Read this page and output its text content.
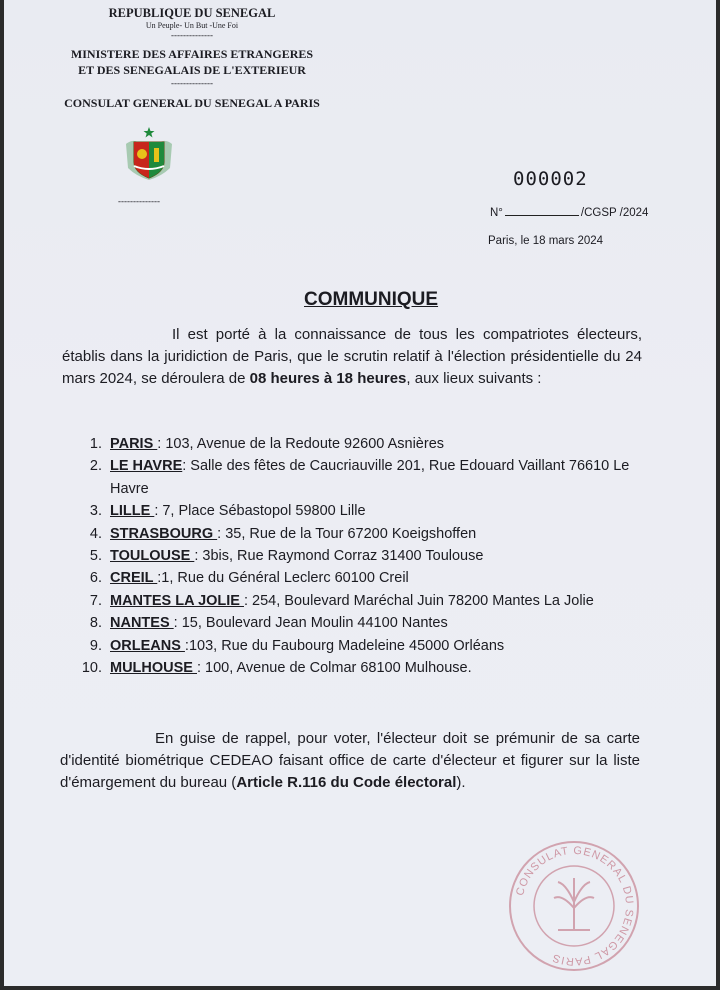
REPUBLIQUE DU SENEGAL
Un Peuple- Un But -Une Foi
--------------
MINISTERE DES AFFAIRES ETRANGERES
ET DES SENEGALAIS DE L'EXTERIEUR
--------------
CONSULAT GENERAL DU SENEGAL A PARIS
--------------
000002
N°	/CGSP /2024
Paris, le 18 mars 2024
COMMUNIQUE
Il est porté à la connaissance de tous les compatriotes électeurs, établis dans la juridiction de Paris, que le scrutin relatif à l'élection présidentielle du 24 mars 2024, se déroulera de 08 heures à 18 heures, aux lieux suivants :
1. PARIS : 103, Avenue de la Redoute 92600 Asnières
2. LE HAVRE: Salle des fêtes de Caucriauville 201, Rue Edouard Vaillant 76610 Le Havre
3. LILLE : 7, Place Sébastopol 59800 Lille
4. STRASBOURG : 35, Rue de la Tour 67200 Koeigshoffen
5. TOULOUSE : 3bis, Rue Raymond Corraz 31400 Toulouse
6. CREIL :1, Rue du Général Leclerc 60100 Creil
7. MANTES LA JOLIE : 254, Boulevard Maréchal Juin 78200 Mantes La Jolie
8. NANTES : 15, Boulevard Jean Moulin 44100 Nantes
9. ORLEANS :103, Rue du Faubourg Madeleine 45000 Orléans
10. MULHOUSE : 100, Avenue de Colmar 68100 Mulhouse.
En guise de rappel, pour voter, l'électeur doit se prémunir de sa carte d'identité biométrique CEDEAO faisant office de carte d'électeur et figurer sur la liste d'émargement du bureau (Article R.116 du Code électoral).
CONSULAT GENERAL DU SENEGAL PARIS
